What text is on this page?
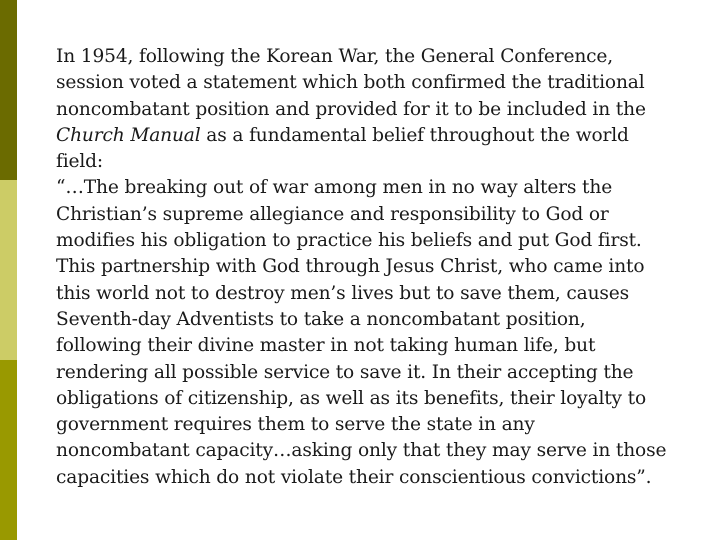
In 1954, following the Korean War, the General Conference,
session voted a statement which both confirmed the traditional
noncombatant position and provided for it to be included in the
Church Manual as a fundamental belief throughout the world
field:
“…The breaking out of war among men in no way alters the
Christian’s supreme allegiance and responsibility to God or
modifies his obligation to practice his beliefs and put God first.
This partnership with God through Jesus Christ, who came into
this world not to destroy men’s lives but to save them, causes
Seventh-day Adventists to take a noncombatant position,
following their divine master in not taking human life, but
rendering all possible service to save it. In their accepting the
obligations of citizenship, as well as its benefits, their loyalty to
government requires them to serve the state in any
noncombatant capacity…asking only that they may serve in those
capacities which do not violate their conscientious convictions”.
